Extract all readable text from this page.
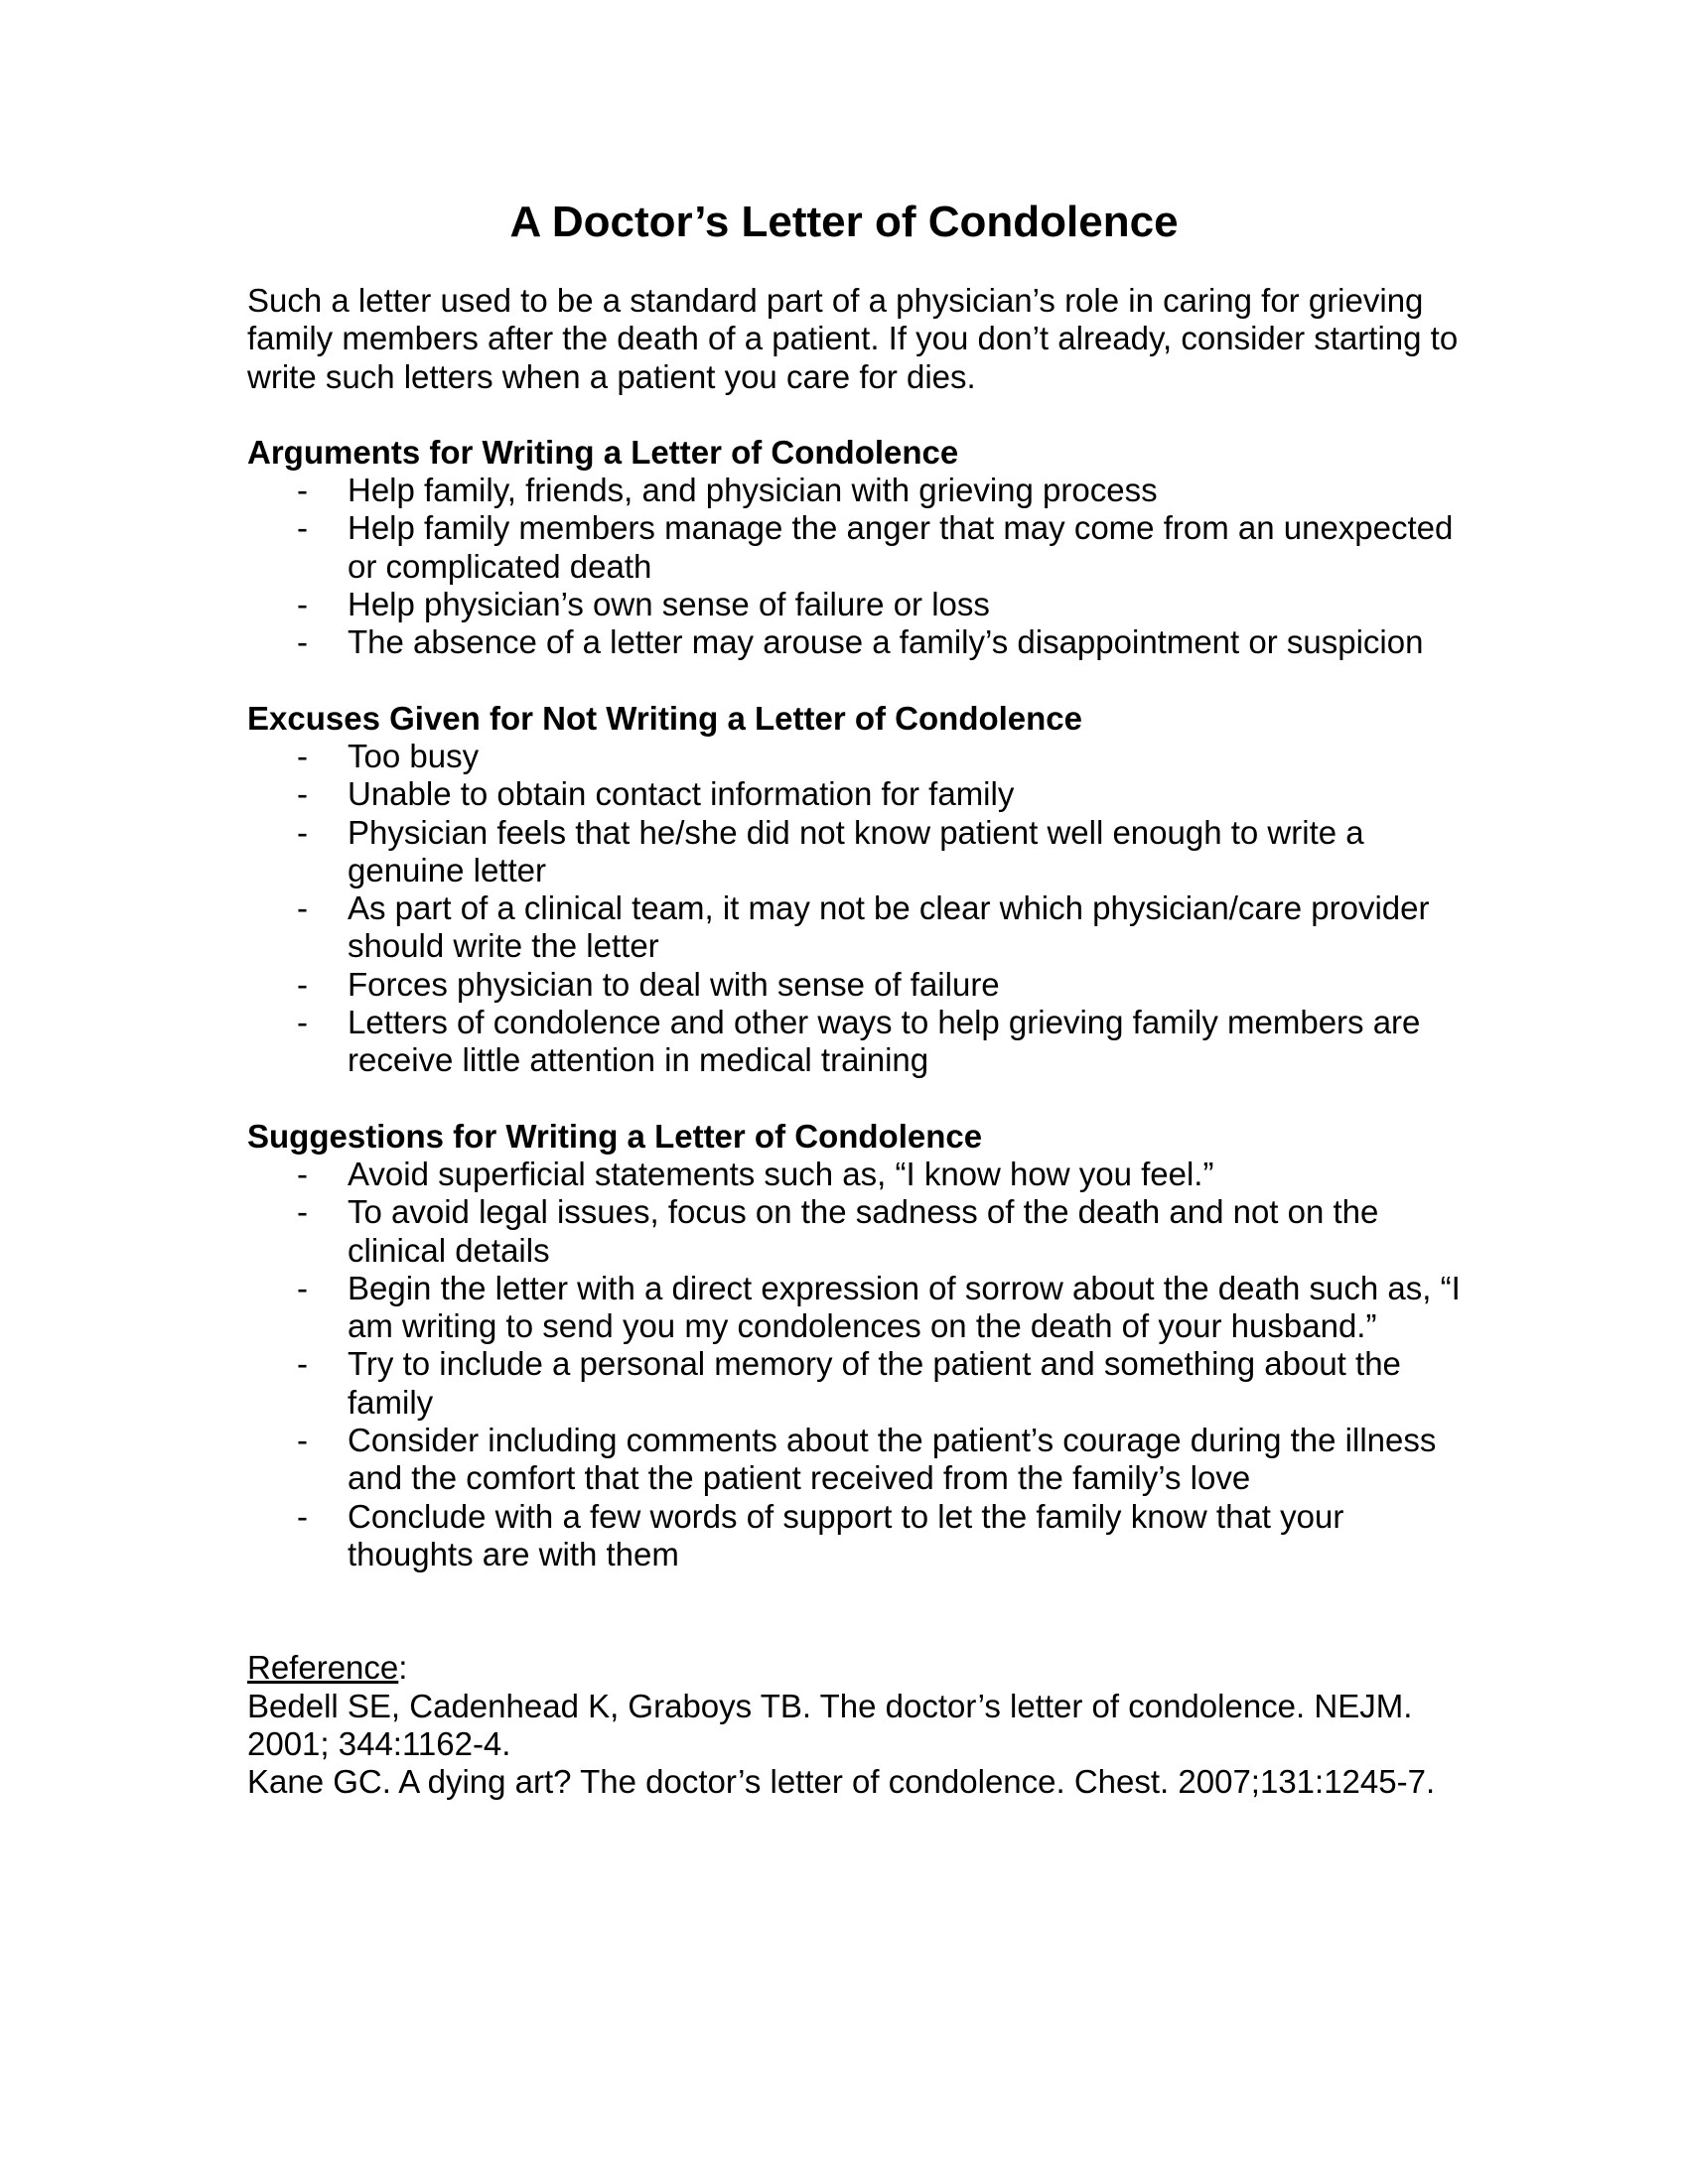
A Doctor’s Letter of Condolence

Such a letter used to be a standard part of a physician’s role in caring for grieving family members after the death of a patient. If you don’t already, consider starting to write such letters when a patient you care for dies.

Arguments for Writing a Letter of Condolence

- Help family, friends, and physician with grieving process
- Help family members manage the anger that may come from an unexpected or complicated death
- Help physician’s own sense of failure or loss
- The absence of a letter may arouse a family’s disappointment or suspicion

Excuses Given for Not Writing a Letter of Condolence

- Too busy
- Unable to obtain contact information for family
- Physician feels that he/she did not know patient well enough to write a genuine letter
- As part of a clinical team, it may not be clear which physician/care provider should write the letter
- Forces physician to deal with sense of failure
- Letters of condolence and other ways to help grieving family members are receive little attention in medical training

Suggestions for Writing a Letter of Condolence

- Avoid superficial statements such as, “I know how you feel.”
- To avoid legal issues, focus on the sadness of the death and not on the clinical details
- Begin the letter with a direct expression of sorrow about the death such as, “I am writing to send you my condolences on the death of your husband.”
- Try to include a personal memory of the patient and something about the family
- Consider including comments about the patient’s courage during the illness and the comfort that the patient received from the family’s love
- Conclude with a few words of support to let the family know that your thoughts are with them
Reference:

Bedell SE, Cadenhead K, Graboys TB. The doctor’s letter of condolence. NEJM. 2001; 344:1162-4.

Kane GC. A dying art? The doctor’s letter of condolence. Chest. 2007;131:1245-7.
